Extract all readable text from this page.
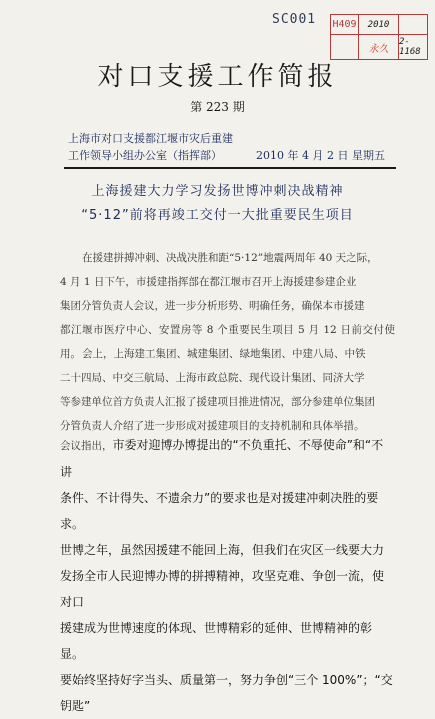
SC001 H409	2010
永久
2-1168
对口支援工作简报
第 223 期
上海市对口支援都江堰市灾后重建
工作领导小组办公室（指挥部）	2010 年 4 月 2 日 星期五
上海援建大力学习发扬世博冲刺决战精神
“5·12”前将再竣工交付一大批重要民生项目
在援建拼搏冲刺、决战决胜和距“5·12”地震两周年 40 天之际，
4 月 1 日下午，市援建指挥部在都江堰市召开上海援建参建企业
集团分管负责人会议，进一步分析形势、明确任务，确保本市援建
都江堰市医疗中心、安置房等 8 个重要民生项目 5 月 12 日前交付使用。 会上，上海建工集团、城建集团、绿地集团、中建八局、中铁
二十四局、中交三航局、上海市政总院、现代设计集团、同济大学
等参建单位首方负责人汇报了援建项目推进情况，部分参建单位集团
分管负责人介绍了进一步形成对援建项目的支持机制和具体举措。
会议指出，市委对迎博办博提出的“不负重托、不辱使命”和“不讲
条件、不计得失、不遗余力”的要求也是对援建冲刺决胜的要求。
世博之年，虽然因援建不能回上海，但我们在灾区一线要大力
发扬全市人民迎博办博的拼搏精神，攻坚克难、争创一流，使对口
援建成为世博速度的体现、世博精彩的延伸、世博精神的彰显。
要始终坚持好字当头、质量第一，努力争创“三个 100%”；“交钥匙”
